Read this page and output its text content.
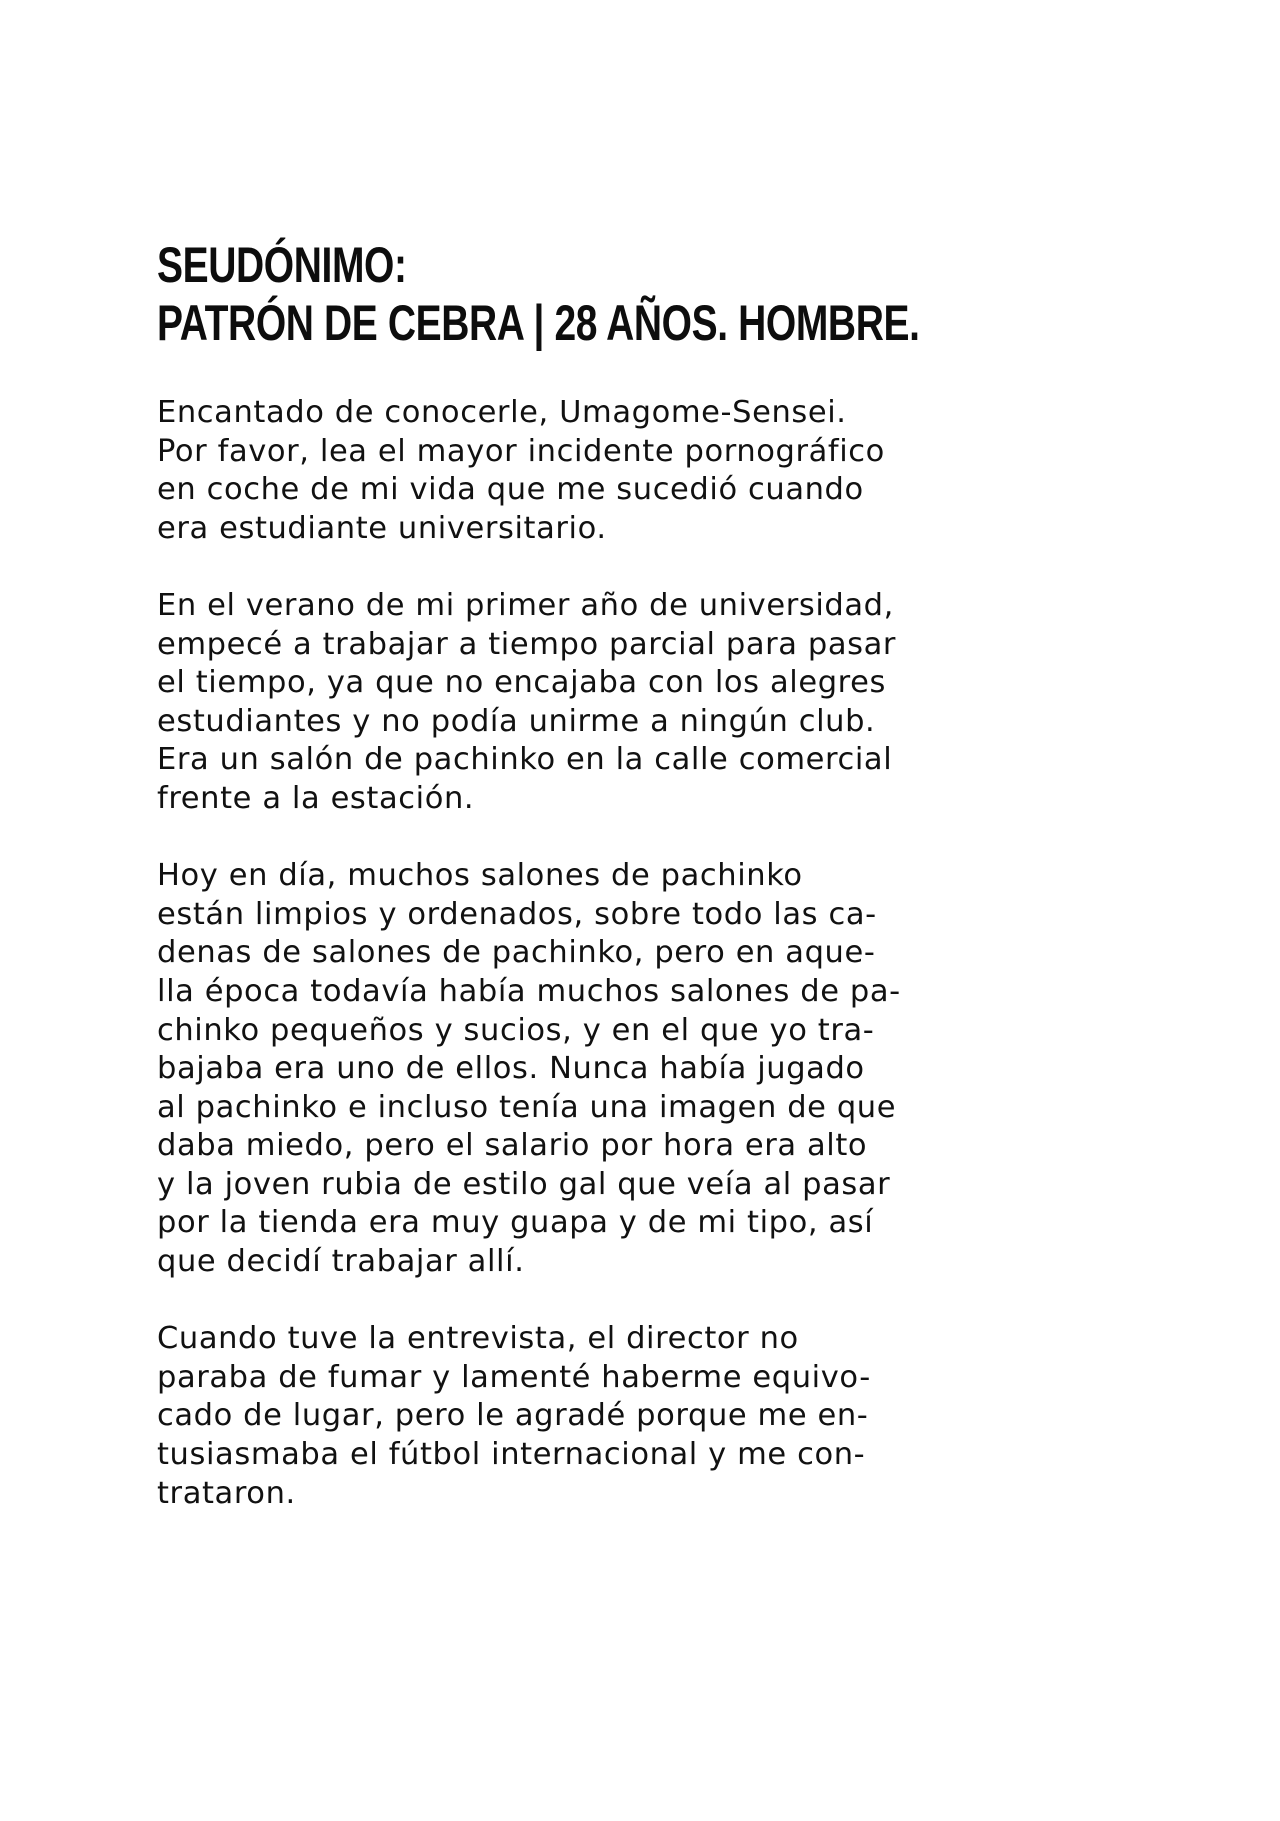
SEUDÓNIMO:
PATRÓN DE CEBRA | 28 AÑOS. HOMBRE.

Encantado de conocerle, Umagome-Sensei.
Por favor, lea el mayor incidente pornográfico
en coche de mi vida que me sucedió cuando
era estudiante universitario.

En el verano de mi primer año de universidad,
empecé a trabajar a tiempo parcial para pasar
el tiempo, ya que no encajaba con los alegres
estudiantes y no podía unirme a ningún club.
Era un salón de pachinko en la calle comercial
frente a la estación.

Hoy en día, muchos salones de pachinko
están limpios y ordenados, sobre todo las ca-
denas de salones de pachinko, pero en aque-
lla época todavía había muchos salones de pa-
chinko pequeños y sucios, y en el que yo tra-
bajaba era uno de ellos. Nunca había jugado
al pachinko e incluso tenía una imagen de que
daba miedo, pero el salario por hora era alto
y la joven rubia de estilo gal que veía al pasar
por la tienda era muy guapa y de mi tipo, así
que decidí trabajar allí.

Cuando tuve la entrevista, el director no
paraba de fumar y lamenté haberme equivo-
cado de lugar, pero le agradé porque me en-
tusiasmaba el fútbol internacional y me con-
trataron.
